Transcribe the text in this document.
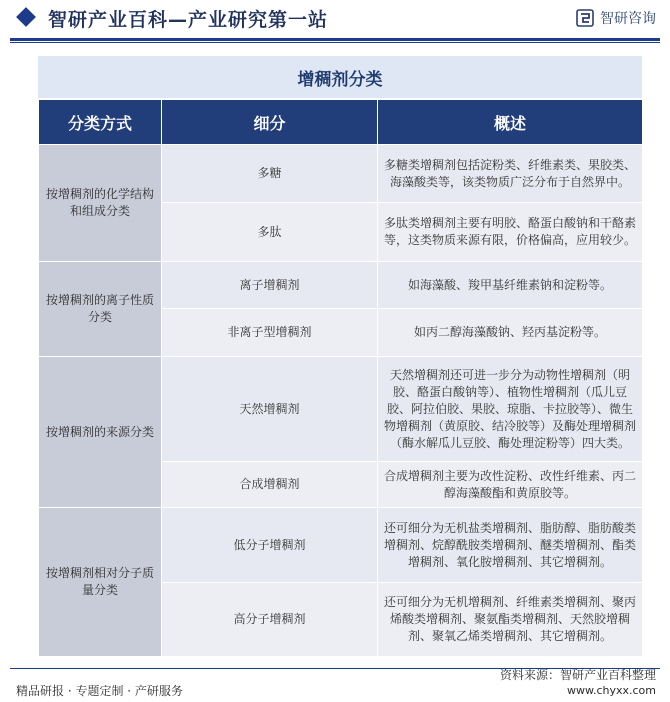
智研产业百科—产业研究第一站	智研咨询
增稠剂分类
分类方式	细分	概述
按增稠剂的化学结构和组成分类	多糖	多糖类增稠剂包括淀粉类、纤维素类、果胶类、海藻酸类等，该类物质广泛分布于自然界中。
	多肽	多肽类增稠剂主要有明胶、酪蛋白酸钠和干酪素等，这类物质来源有限，价格偏高，应用较少。
按增稠剂的离子性质分类	离子增稠剂	如海藻酸、羧甲基纤维素钠和淀粉等。
	非离子型增稠剂	如丙二醇海藻酸钠、羟丙基淀粉等。
按增稠剂的来源分类	天然增稠剂	天然增稠剂还可进一步分为动物性增稠剂（明胶、酪蛋白酸钠等）、植物性增稠剂（瓜儿豆胶、阿拉伯胶、果胶、琼脂、卡拉胶等）、微生物增稠剂（黄原胶、结冷胶等）及酶处理增稠剂（酶水解瓜儿豆胶、酶处理淀粉等）四大类。
	合成增稠剂	合成增稠剂主要为改性淀粉、改性纤维素、丙二醇海藻酸酯和黄原胶等。
按增稠剂相对分子质量分类	低分子增稠剂	还可细分为无机盐类增稠剂、脂肪醇、脂肪酸类增稠剂、烷醇酰胺类增稠剂、醚类增稠剂、酯类增稠剂、氧化胺增稠剂、其它增稠剂。
	高分子增稠剂	还可细分为无机增稠剂、纤维素类增稠剂、聚丙烯酸类增稠剂、聚氨酯类增稠剂、天然胶增稠剂、聚氧乙烯类增稠剂、其它增稠剂。
精品研报 · 专题定制 · 产研服务
资料来源：智研产业百科整理
www.chyxx.com
